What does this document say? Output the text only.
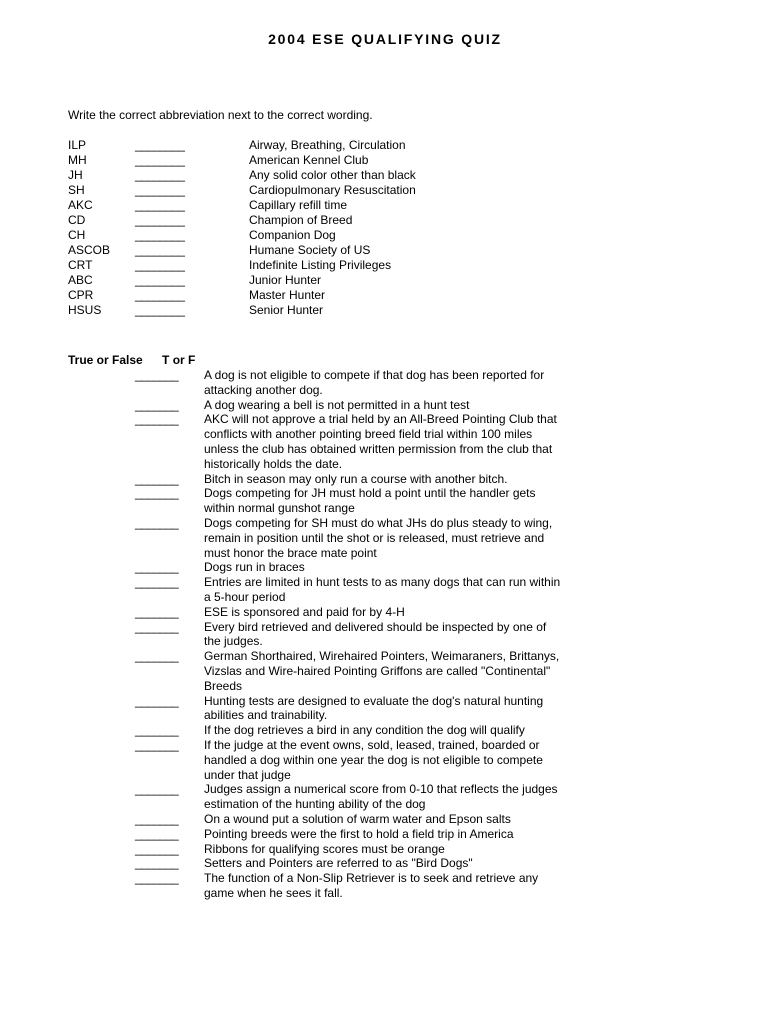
2004 ESE QUALIFYING QUIZ
Write the correct abbreviation next to the correct wording.
ILP	________	Airway, Breathing, Circulation
MH	________	American Kennel Club
JH	________	Any solid color other than black
SH	________	Cardiopulmonary Resuscitation
AKC	________	Capillary refill time
CD	________	Champion of Breed
CH	________	Companion Dog
ASCOB ________	Humane Society of US
CRT	________	Indefinite Listing Privileges
ABC	________	Junior Hunter
CPR	________	Master Hunter
HSUS	________	Senior Hunter
True or False T or F
_______ A dog is not eligible to compete if that dog has been reported for attacking another dog.
_______ A dog wearing a bell is not permitted in a hunt test
_______ AKC will not approve a trial held by an All-Breed Pointing Club that conflicts with another pointing breed field trial within 100 miles unless the club has obtained written permission from the club that historically holds the date.
_______ Bitch in season may only run a course with another bitch.
_______ Dogs competing for JH must hold a point until the handler gets within normal gunshot range
_______ Dogs competing for SH must do what JHs do plus steady to wing, remain in position until the shot or is released, must retrieve and must honor the brace mate point
_______ Dogs run in braces
_______ Entries are limited in hunt tests to as many dogs that can run within a 5-hour period
_______ ESE is sponsored and paid for by 4-H
_______ Every bird retrieved and delivered should be inspected by one of the judges.
_______ German Shorthaired, Wirehaired Pointers, Weimaraners, Brittanys, Vizslas and Wire-haired Pointing Griffons are called "Continental" Breeds
_______ Hunting tests are designed to evaluate the dog's natural hunting abilities and trainability.
_______ If the dog retrieves a bird in any condition the dog will qualify
_______ If the judge at the event owns, sold, leased, trained, boarded or handled a dog within one year the dog is not eligible to compete under that judge
_______ Judges assign a numerical score from 0-10 that reflects the judges estimation of the hunting ability of the dog
_______ On a wound put a solution of warm water and Epson salts
_______ Pointing breeds were the first to hold a field trip in America
_______ Ribbons for qualifying scores must be orange
_______ Setters and Pointers are referred to as "Bird Dogs"
_______ The function of a Non-Slip Retriever is to seek and retrieve any game when he sees it fall.
